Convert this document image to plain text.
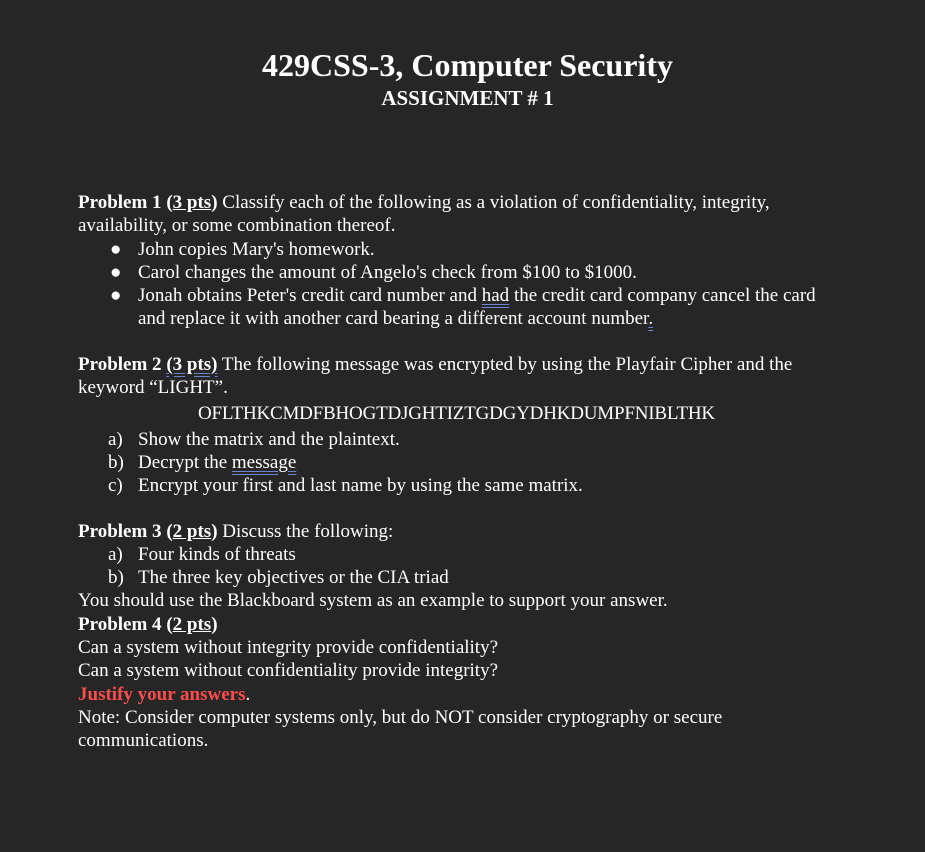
429CSS-3, Computer Security
ASSIGNMENT # 1

Problem 1 (3 pts) Classify each of the following as a violation of confidentiality, integrity,

availability, or some combination thereof.

● John copies Mary's homework.

● Carol changes the amount of Angelo's check from $100 to $1000.

● Jonah obtains Peter's credit card number and had the credit card company cancel the card
and replace it with another card bearing a different account number.

Problem 2 (3 pts) The following message was encrypted by using the Playfair Cipher and the

keyword “LIGHT”.

OFLTHKCMDFBHOGTDJGHTIZTGDGYDHKDUMPFNIBLTHK

a) Show the matrix and the plaintext.

b) Decrypt the message

c) Encrypt your first and last name by using the same matrix.

Problem 3 (2 pts) Discuss the following:

a) Four kinds of threats

b) The three key objectives or the CIA triad

You should use the Blackboard system as an example to support your answer.

Problem 4 (2 pts)

Can a system without integrity provide confidentiality?

Can a system without confidentiality provide integrity?

Justify your answers.

Note: Consider computer systems only, but do NOT consider cryptography or secure
communications.
